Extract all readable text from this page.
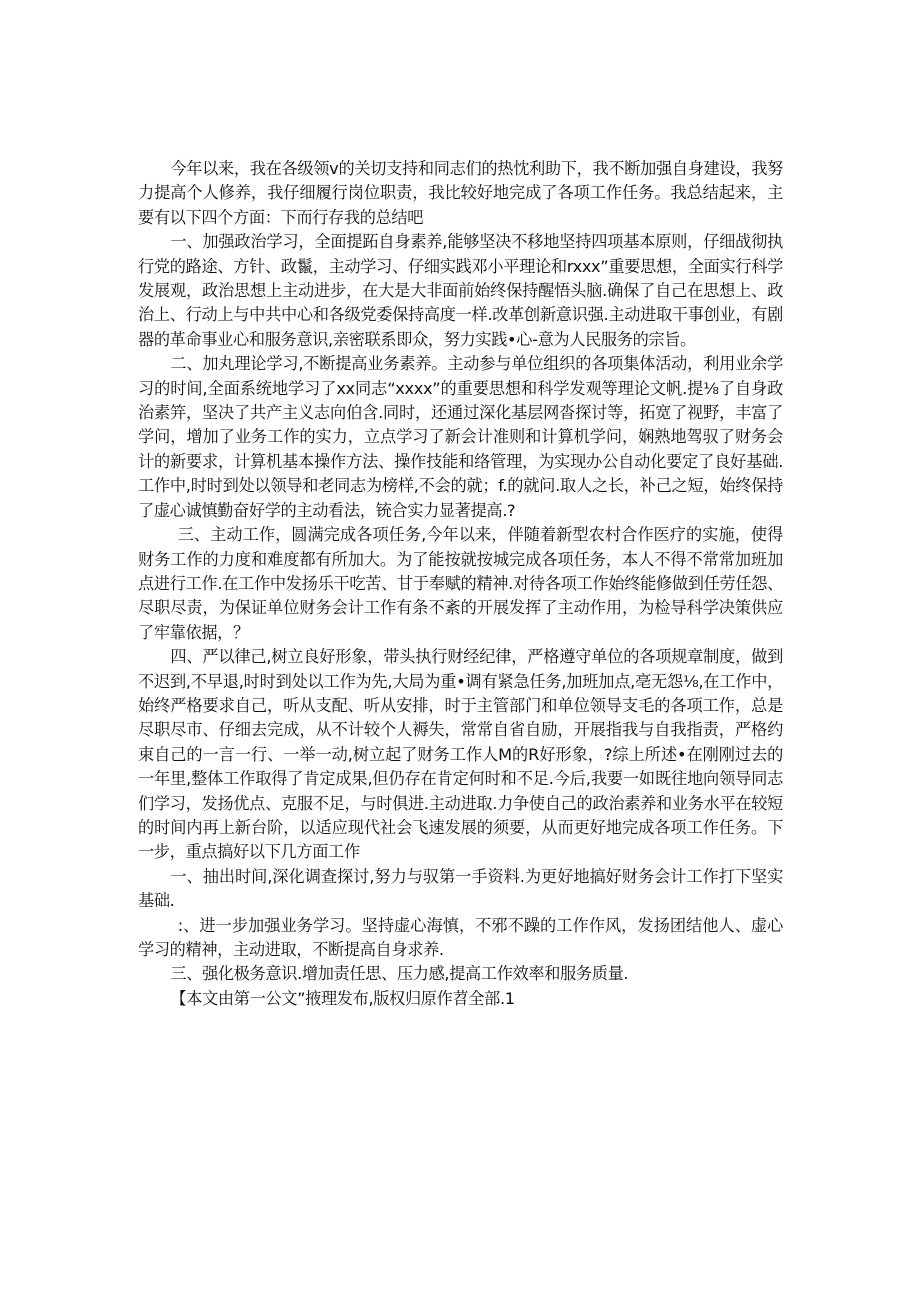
今年以来，我在各级领v的关切支持和同志们的热忱利助下，我不断加强自身建设，我努力提高个人修养，我仔细履行岗位职责，我比较好地完成了各项工作任务。我总结起来，主要有以下四个方面：下而行存我的总结吧

一、加强政治学习，全面提跖自身素养,能够坚决不移地坚持四项基本原则，仔细战彻执行党的路途、方针、政鬣，主动学习、仔细实践邓小平理论和rxxx”重要思想，全面实行科学发展观，政治思想上主动进步，在大是大非面前始终保持醒悟头脑.确保了自己在思想上、政治上、行动上与中共中心和各级党委保持高度一样.改革创新意识强.主动进取干事创业，有剧器的革命事业心和服务意识,亲密联系即众，努力实践•心-意为人民服务的宗旨。

二、加丸理论学习,不断提高业务素养。主动参与单位组织的各项集体活动，利用业余学习的时间,全面系统地学习了xx同志“xxxx”的重要思想和科学发观等理论文帆.提⅛了自身政治素笄，坚决了共产主义志向伯含.同时，还通过深化基层网沓探讨等，拓宽了视野，丰富了学问，增加了业务工作的实力，立点学习了新会计准则和计算机学问，娴熟地驾驭了财务会计的新要求，计算机基本操作方法、操作技能和络管理，为实现办公自动化要定了良好基础.工作中,时时到处以领导和老同志为榜样,不会的就；f.的就问.取人之长，补己之短，始终保持了虚心诚慎勤奋好学的主动看法，铳合实力显著提高.?

三、主动工作，圆满完成各项任务,今年以来，伴随着新型农村合作医疗的实施，使得财务工作的力度和难度都有所加大。为了能按就按城完成各项任务，本人不得不常常加班加点进行工作.在工作中发扬乐干吃苦、甘于奉赋的精神.对待各项工作始终能修做到任劳任怨、尽职尽责，为保证单位财务会计工作有条不紊的开展发挥了主动作用，为检导科学决策供应了牢靠依据，？

四、严以律己,树立良好形象，带头执行财经纪律，严格遵守单位的各项规章制度，做到不迟到,不早退,时时到处以工作为先,大局为重•调有紧急任务,加班加点,亳无怨⅛,在工作中，始终严格要求自己，听从支配、听从安排，时于主管部门和单位领导支毛的各项工作，总是尽职尽市、仔细去完成，从不计较个人褥失，常常自省自励，开展指我与自我指责，严格约束自己的一言一行、一举一动,树立起了财务工作人M的R好形象，?综上所述•在刚刚过去的一年里,整体工作取得了肯定成果,但仍存在肯定何时和不足.今后,我要一如既往地向领导同志们学习，发扬优点、克服不足，与时俱进.主动进取.力争使自己的政治素养和业务水平在较短的时间内再上新台阶，以适应现代社会飞速发展的须要，从而更好地完成各项工作任务。下一步，重点搞好以下几方面工作

一、抽出时间,深化调查探讨,努力与驭第一手资料.为更好地搞好财务会计工作打下坚实基础.

:、进一步加强业务学习。坚持虚心海慎，不邪不躁的工作作风，发扬团结他人、虚心学习的精神，主动进取，不断提高自身求养.

三、强化极务意识.增加责任思、压力感,提高工作效率和服务质量.

【本文由第一公文”掖理发布,版权归原作苕全部.1
